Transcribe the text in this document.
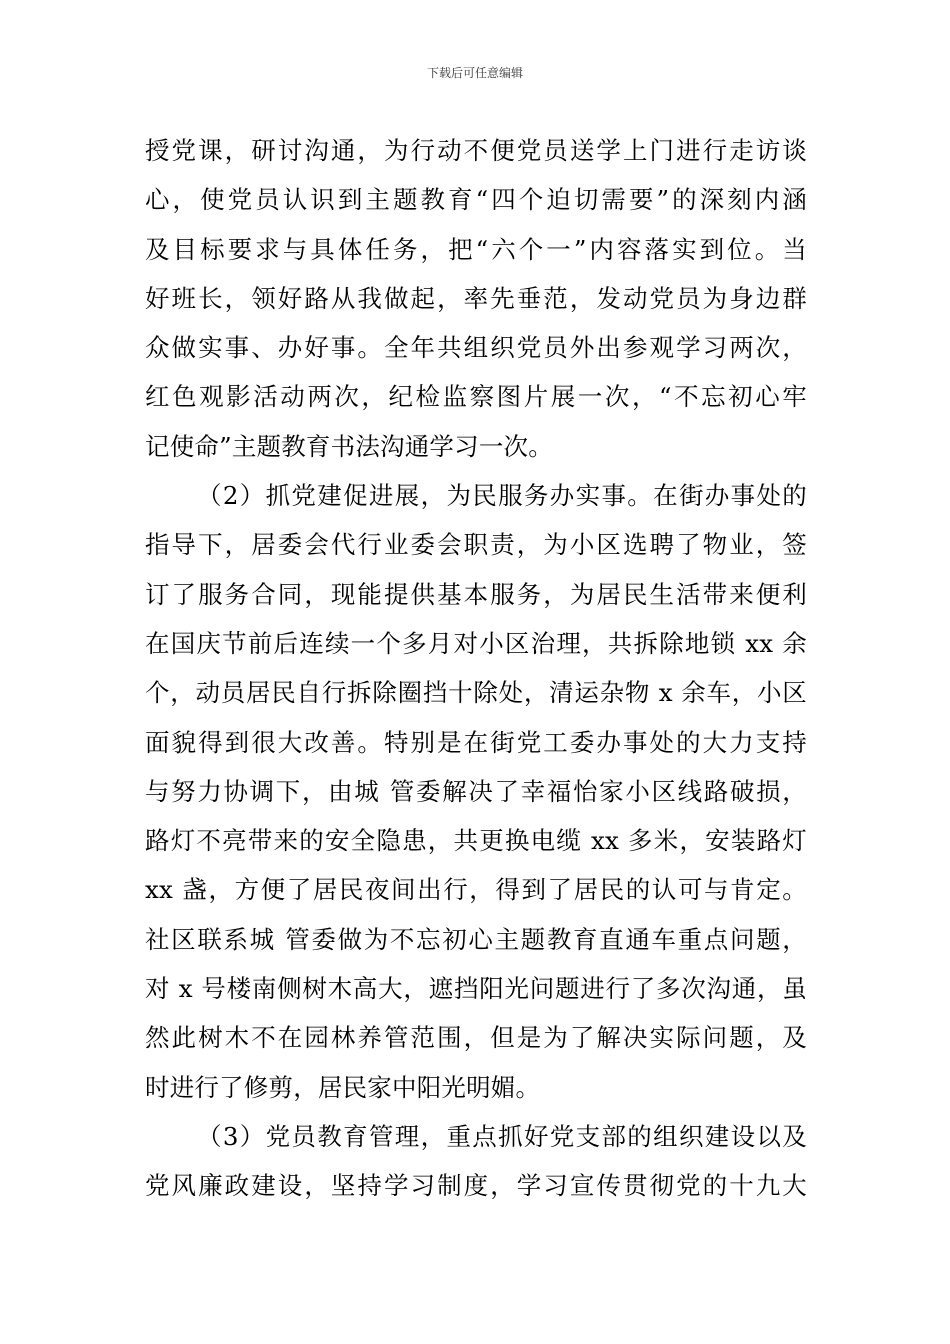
下载后可任意编辑
授党课，研讨沟通，为行动不便党员送学上门进行走访谈
心，使党员认识到主题教育“四个迫切需要”的深刻内涵
及目标要求与具体任务，把“六个一”内容落实到位。当
好班长，领好路从我做起，率先垂范，发动党员为身边群
众做实事、办好事。全年共组织党员外出参观学习两次，
红色观影活动两次，纪检监察图片展一次，“不忘初心牢
记使命”主题教育书法沟通学习一次。
（2）抓党建促进展，为民服务办实事。在街办事处的
指导下，居委会代行业委会职责，为小区选聘了物业，签
订了服务合同，现能提供基本服务，为居民生活带来便利
在国庆节前后连续一个多月对小区治理，共拆除地锁 xx 余
个，动员居民自行拆除圈挡十除处，清运杂物 x 余车，小区
面貌得到很大改善。特别是在街党工委办事处的大力支持
与努力协调下，由城 管委解决了幸福怡家小区线路破损，
路灯不亮带来的安全隐患，共更换电缆 xx 多米，安装路灯
xx 盏，方便了居民夜间出行，得到了居民的认可与肯定。
社区联系城 管委做为不忘初心主题教育直通车重点问题，
对 x 号楼南侧树木高大，遮挡阳光问题进行了多次沟通，虽
然此树木不在园林养管范围，但是为了解决实际问题，及
时进行了修剪，居民家中阳光明媚。
（3）党员教育管理，重点抓好党支部的组织建设以及
党风廉政建设，坚持学习制度，学习宣传贯彻党的十九大
